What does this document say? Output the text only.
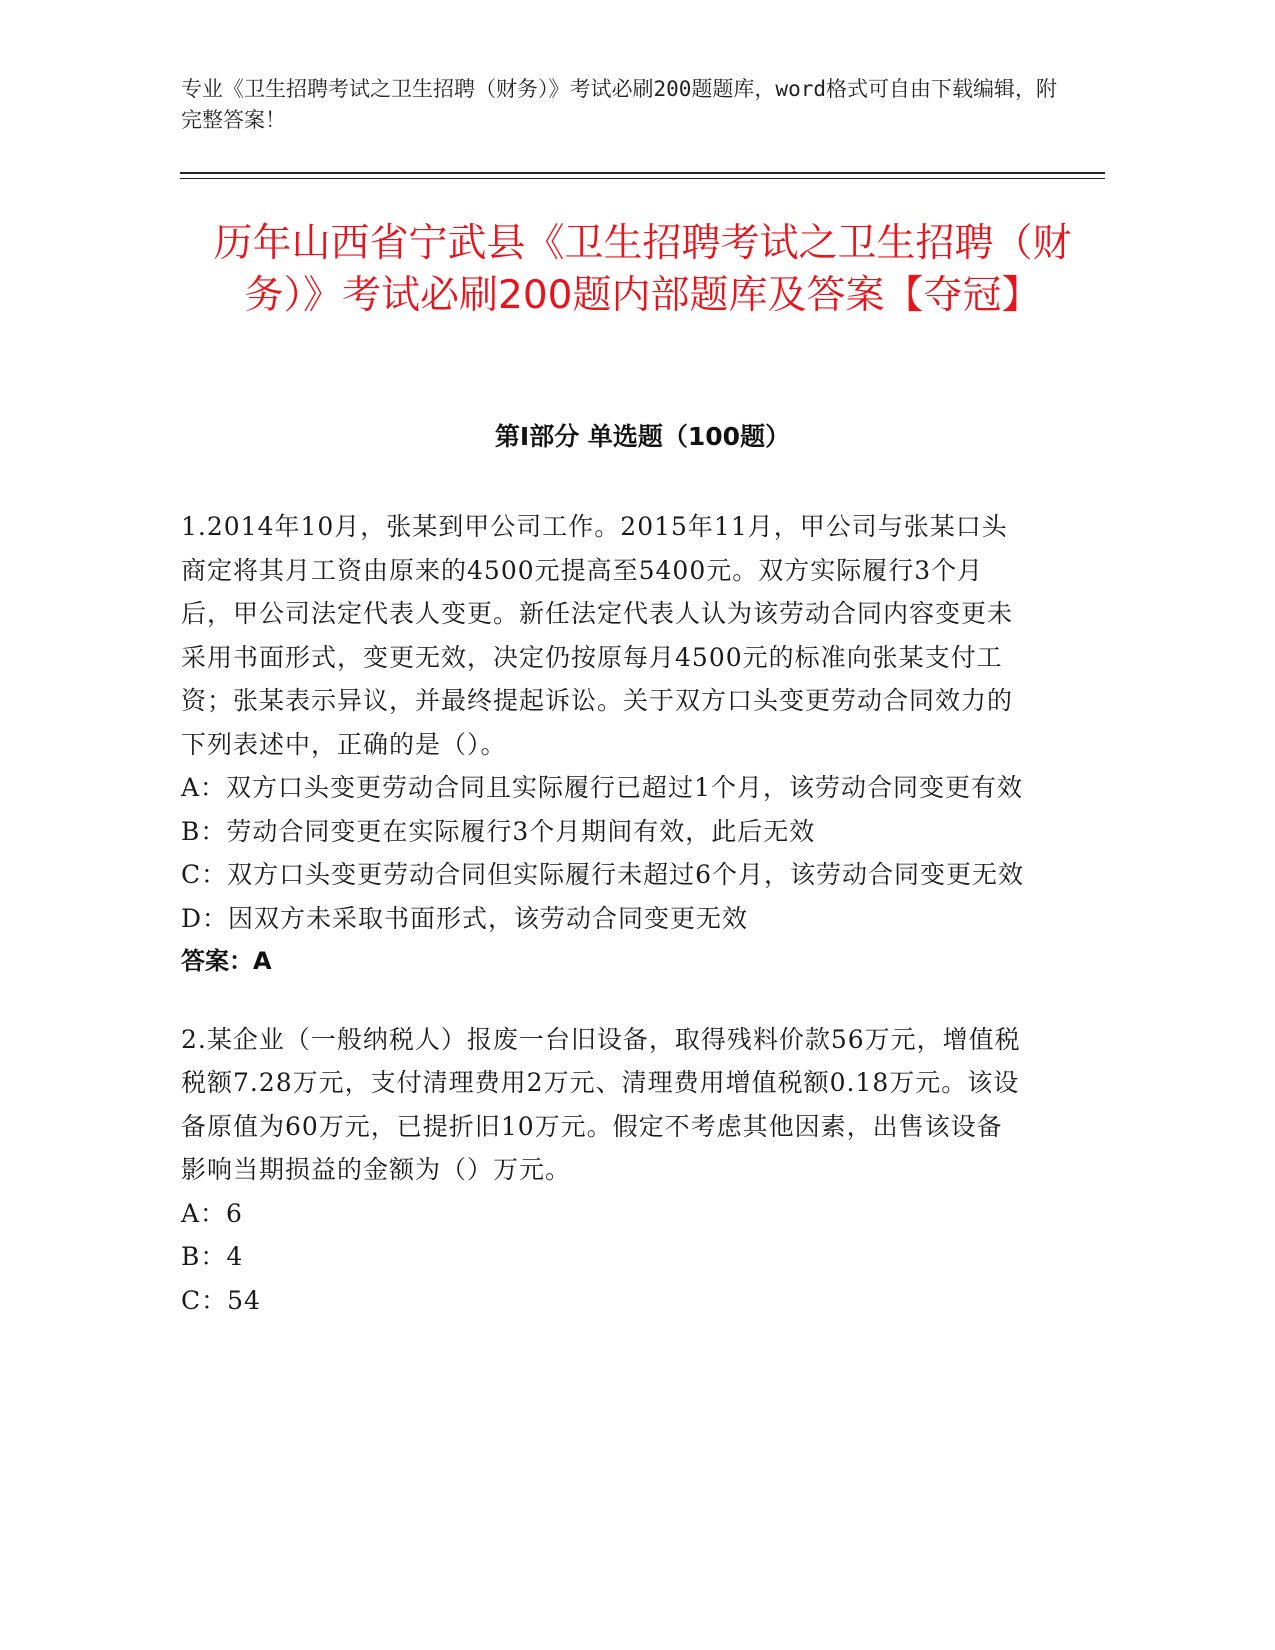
专业《卫生招聘考试之卫生招聘（财务）》考试必刷200题题库，word格式可自由下载编辑，附完整答案！
历年山西省宁武县《卫生招聘考试之卫生招聘（财务）》考试必刷200题内部题库及答案【夺冠】
第I部分 单选题（100题）

1.2014年10月，张某到甲公司工作。2015年11月，甲公司与张某口头商定将其月工资由原来的4500元提高至5400元。双方实际履行3个月后，甲公司法定代表人变更。新任法定代表人认为该劳动合同内容变更未采用书面形式，变更无效，决定仍按原每月4500元的标准向张某支付工资；张某表示异议，并最终提起诉讼。关于双方口头变更劳动合同效力的下列表述中，正确的是（）。

A：双方口头变更劳动合同且实际履行已超过1个月，该劳动合同变更有效

B：劳动合同变更在实际履行3个月期间有效，此后无效

C：双方口头变更劳动合同但实际履行未超过6个月，该劳动合同变更无效

D：因双方未采取书面形式，该劳动合同变更无效

答案：A

2.某企业（一般纳税人）报废一台旧设备，取得残料价款56万元，增值税税额7.28万元，支付清理费用2万元、清理费用增值税额0.18万元。该设备原值为60万元，已提折旧10万元。假定不考虑其他因素，出售该设备影响当期损益的金额为（）万元。

A：6

B：4

C：54
